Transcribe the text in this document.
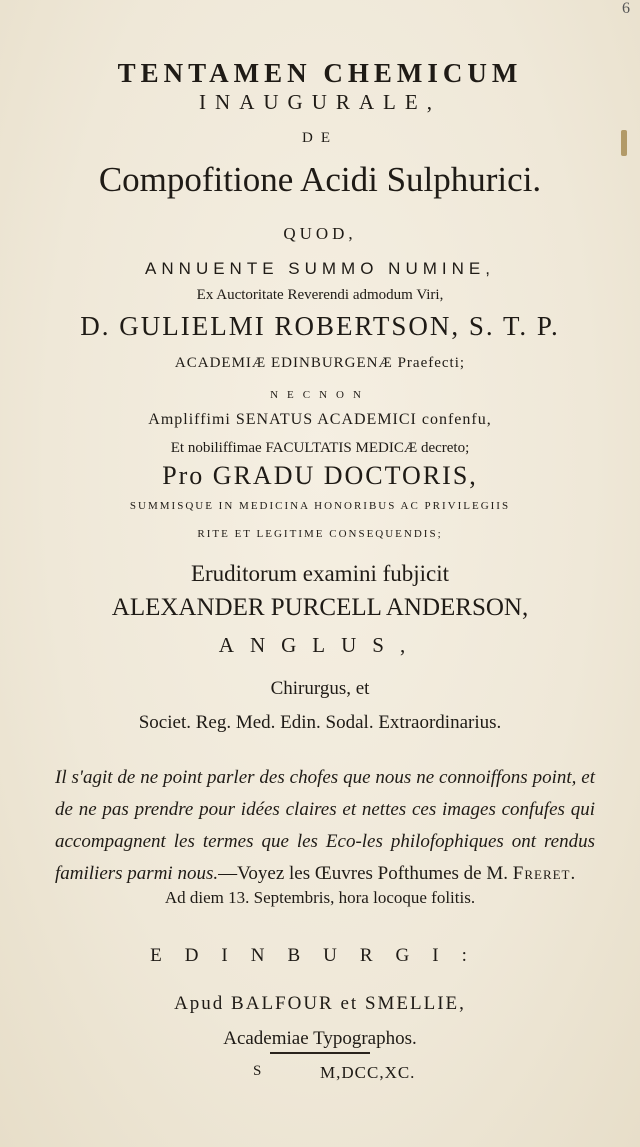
6
TENTAMEN CHEMICUM
INAUGURALE,
DE
Compofitione Acidi Sulphurici.
QUOD,
ANNUENTE SUMMO NUMINE,
Ex Auctoritate Reverendi admodum Viri,
D. GULIELMI ROBERTSON, S. T. P.
ACADEMIÆ EDINBURGENÆ Praefecti;
NECNON
Ampliffimi SENATUS ACADEMICI confenfu,
Et nobiliffimae FACULTATIS MEDICÆ decreto;
Pro GRADU DOCTORIS,
SUMMISQUE IN MEDICINA HONORIBUS AC PRIVILEGIIS
RITE ET LEGITIME CONSEQUENDIS;
Eruditorum examini fubjicit
ALEXANDER PURCELL ANDERSON,
ANGLUS,
Chirurgus, et
Societ. Reg. Med. Edin. Sodal. Extraordinarius.
Il s'agit de ne point parler des chofes que nous ne connoiffons point, et de ne pas prendre pour idées claires et nettes ces images confufes qui accompagnent les termes que les Eco-les philofophiques ont rendus familiers parmi nous.—Voyez les Œuvres Pofthumes de M. Freret.
Ad diem 13. Septembris, hora locoque folitis.
EDINBURGI:
Apud BALFOUR et SMELLIE,
Academiae Typographos.
S	M,DCC,XC.
